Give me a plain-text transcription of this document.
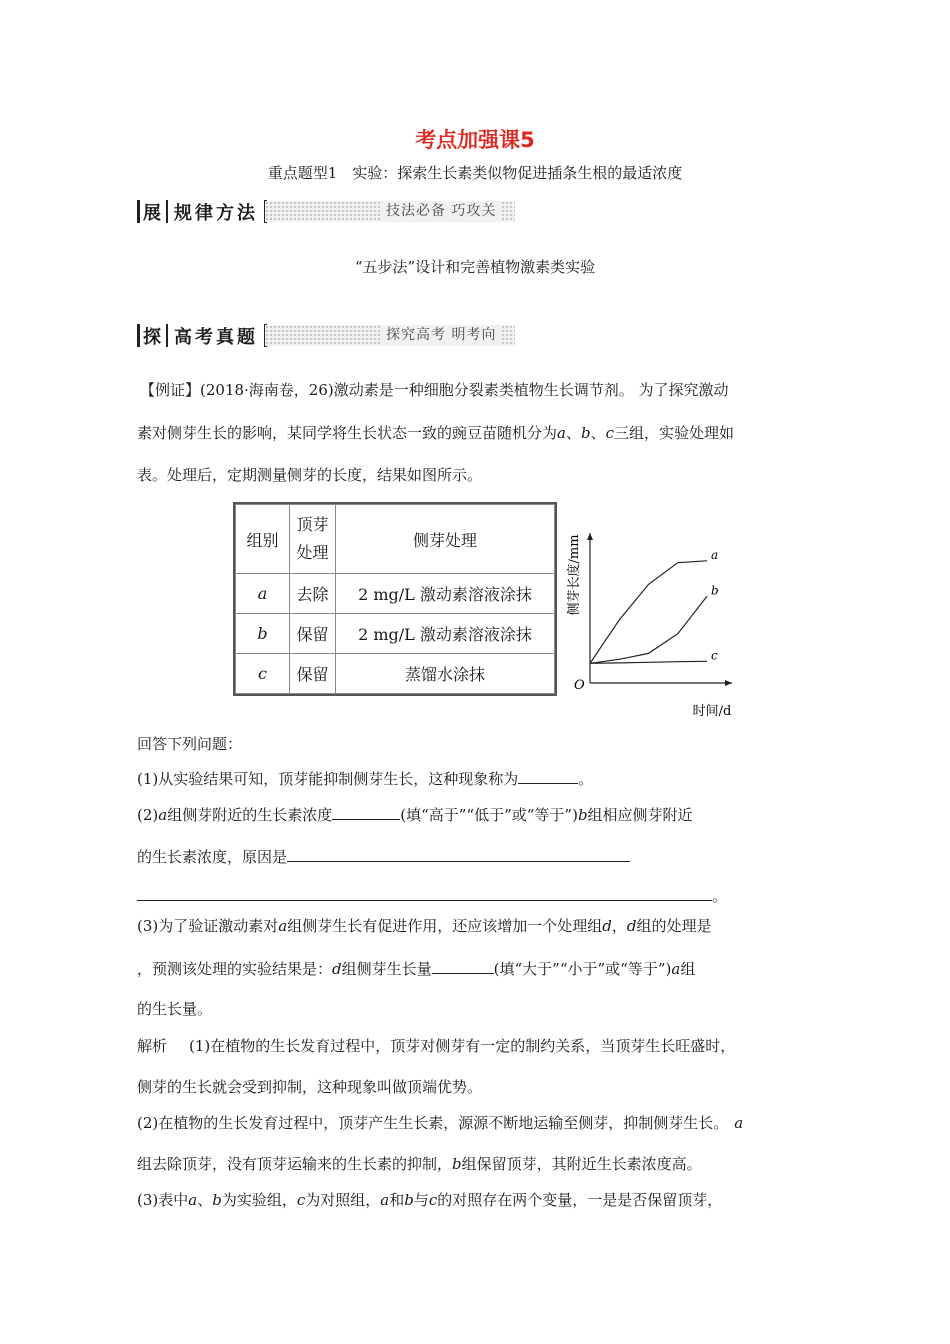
考点加强课5
重点题型1　实验：探索生长素类似物促进插条生根的最适浓度
展 规律方法	技法必备 巧攻关
“五步法”设计和完善植物激素类实验
探 高考真题	探究高考 明考向
【例证】(2018·海南卷，26)激动素是一种细胞分裂素类植物生长调节剂。 为了探究激动
素对侧芽生长的影响，某同学将生长状态一致的豌豆苗随机分为a、b、c三组，实验处理如
表。处理后，定期测量侧芽的长度，结果如图所示。
组别	顶芽处理	侧芽处理
a	去除	2 mg/L 激动素溶液涂抹
b	保留	2 mg/L 激动素溶液涂抹
c	保留	蒸馏水涂抹
O
时间/d
侧芽长度/mm	a
b
c
回答下列问题：
(1)从实验结果可知，顶芽能抑制侧芽生长，这种现象称为	。
(2)a组侧芽附近的生长素浓度	(填“高于”“低于”或“等于”)b组相应侧芽附近
的生长素浓度，原因是
。
(3)为了验证激动素对a组侧芽生长有促进作用，还应该增加一个处理组d，d组的处理是
，预测该处理的实验结果是：d组侧芽生长量	(填“大于”“小于”或“等于”)a组
的生长量。
解析 (1)在植物的生长发育过程中，顶芽对侧芽有一定的制约关系，当顶芽生长旺盛时，
侧芽的生长就会受到抑制，这种现象叫做顶端优势。
(2)在植物的生长发育过程中，顶芽产生生长素，源源不断地运输至侧芽，抑制侧芽生长。 a
组去除顶芽，没有顶芽运输来的生长素的抑制，b组保留顶芽，其附近生长素浓度高。
(3)表中a、b为实验组，c为对照组，a和b与c的对照存在两个变量，一是是否保留顶芽，
